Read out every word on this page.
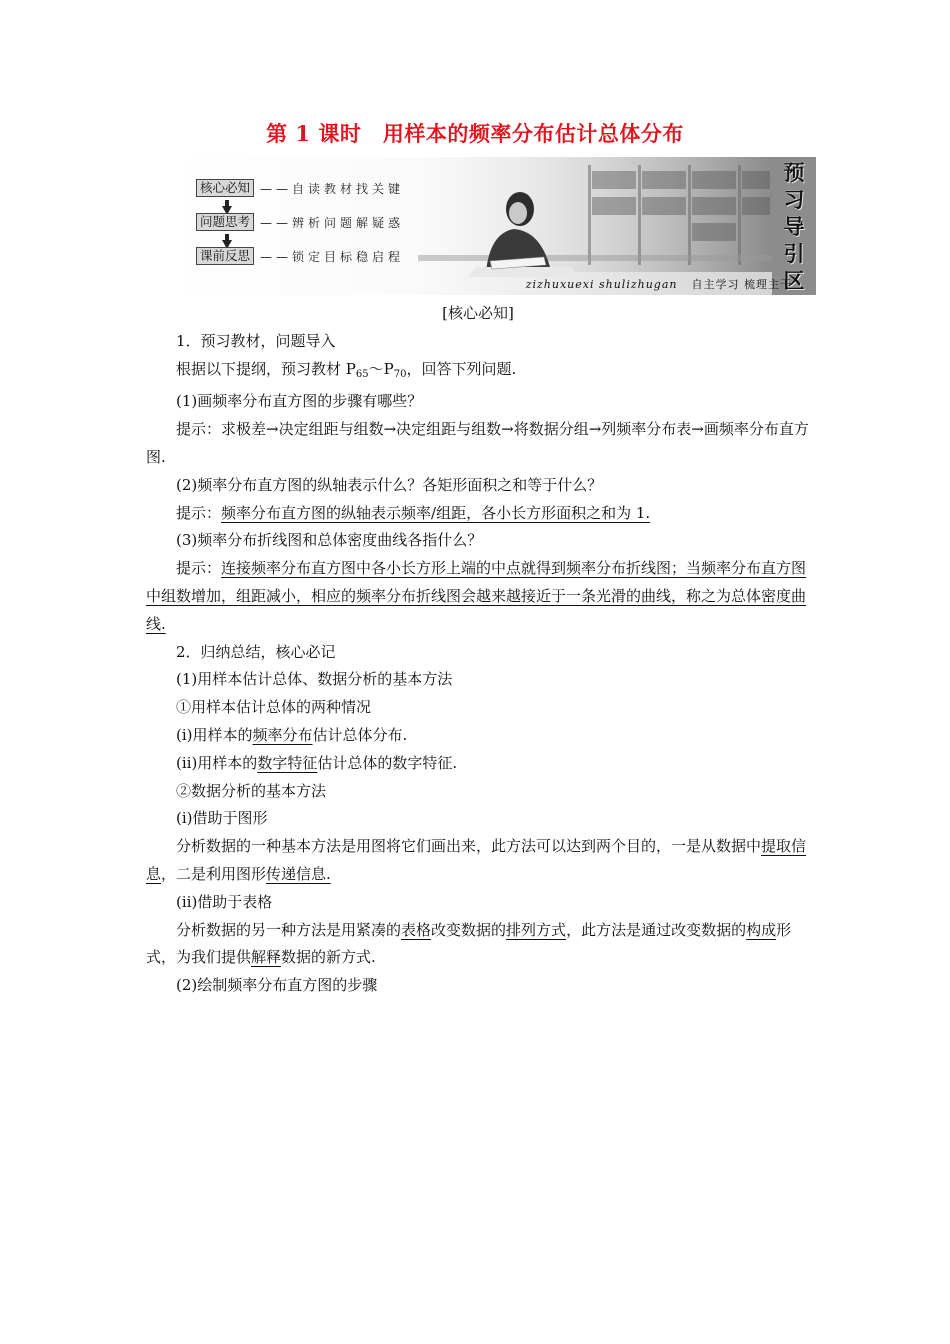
第 1 课时　用样本的频率分布估计总体分布
核心必知 ——自读教材找关键
问题思考 ——辨析问题解疑惑
课前反思 ——锁定目标稳启程
预
习
导
引
区
zizhuxuexi shulizhugan 自主学习 梳理主干

[核心必知]

1．预习教材，问题导入

根据以下提纲，预习教材 $P_{65}\sim P_{70}$，回答下列问题.

(1)画频率分布直方图的步骤有哪些？

提示：求极差→决定组距与组数→决定组距与组数→将数据分组→列频率分布表→画频率分布直方图.

(2)频率分布直方图的纵轴表示什么？各矩形面积之和等于什么？

提示：频率分布直方图的纵轴表示频率/组距，各小长方形面积之和为 1.

(3)频率分布折线图和总体密度曲线各指什么？

提示：连接频率分布直方图中各小长方形上端的中点就得到频率分布折线图；当频率分布直方图中组数增加，组距减小，相应的频率分布折线图会越来越接近于一条光滑的曲线，称之为总体密度曲线.

2．归纳总结，核心必记

(1)用样本估计总体、数据分析的基本方法

①用样本估计总体的两种情况

(ⅰ)用样本的频率分布估计总体分布.

(ⅱ)用样本的数字特征估计总体的数字特征.

②数据分析的基本方法

(ⅰ)借助于图形

分析数据的一种基本方法是用图将它们画出来，此方法可以达到两个目的，一是从数据中提取信息，二是利用图形传递信息.

(ⅱ)借助于表格

分析数据的另一种方法是用紧凑的表格改变数据的排列方式，此方法是通过改变数据的构成形式，为我们提供解释数据的新方式.

(2)绘制频率分布直方图的步骤
